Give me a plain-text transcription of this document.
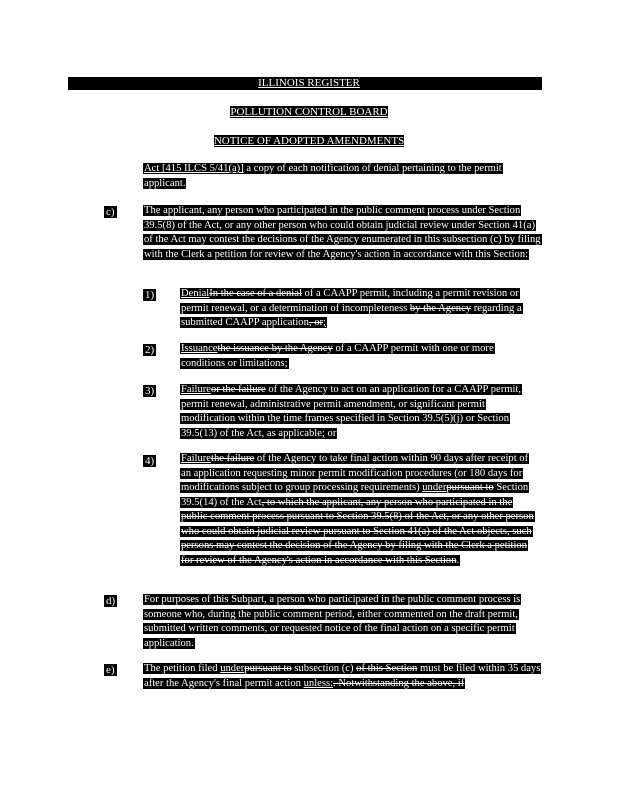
ILLINOIS REGISTER
POLLUTION CONTROL BOARD
NOTICE OF ADOPTED AMENDMENTS
Act [415 ILCS 5/41(a)] a copy of each notification of denial pertaining to the permit applicant.
c)	The applicant, any person who participated in the public comment process under Section 39.5(8) of the Act, or any other person who could obtain judicial review under Section 41(a) of the Act may contest the decisions of the Agency enumerated in this subsection (c) by filing with the Clerk a petition for review of the Agency's action in accordance with this Section:
1)	DenialIn the case of a denial of a CAAPP permit, including a permit revision or permit renewal, or a determination of incompleteness by the Agency regarding a submitted CAAPP application, or;
2)	Issuancethe issuance by the Agency of a CAAPP permit with one or more conditions or limitations;
3)	Failureor the failure of the Agency to act on an application for a CAAPP permit, permit renewal, administrative permit amendment, or significant permit modification within the time frames specified in Section 39.5(5)(j) or Section 39.5(13) of the Act, as applicable; or
4)	Failurethe failure of the Agency to take final action within 90 days after receipt of an application requesting minor permit modification procedures (or 180 days for modifications subject to group processing requirements) underpursuant to Section 39.5(14) of the Act, to which the applicant, any person who participated in the public comment process pursuant to Section 39.5(8) of the Act, or any other person who could obtain judicial review pursuant to Section 41(a) of the Act objects, such persons may contest the decision of the Agency by filing with the Clerk a petition for review of the Agency's action in accordance with this Section.
d)	For purposes of this Subpart, a person who participated in the public comment process is someone who, during the public comment period, either commented on the draft permit, submitted written comments, or requested notice of the final action on a specific permit application.
e)	The petition filed underpursuant to subsection (c) of this Section must be filed within 35 days after the Agency's final permit action unless:. Notwithstanding the above, if
